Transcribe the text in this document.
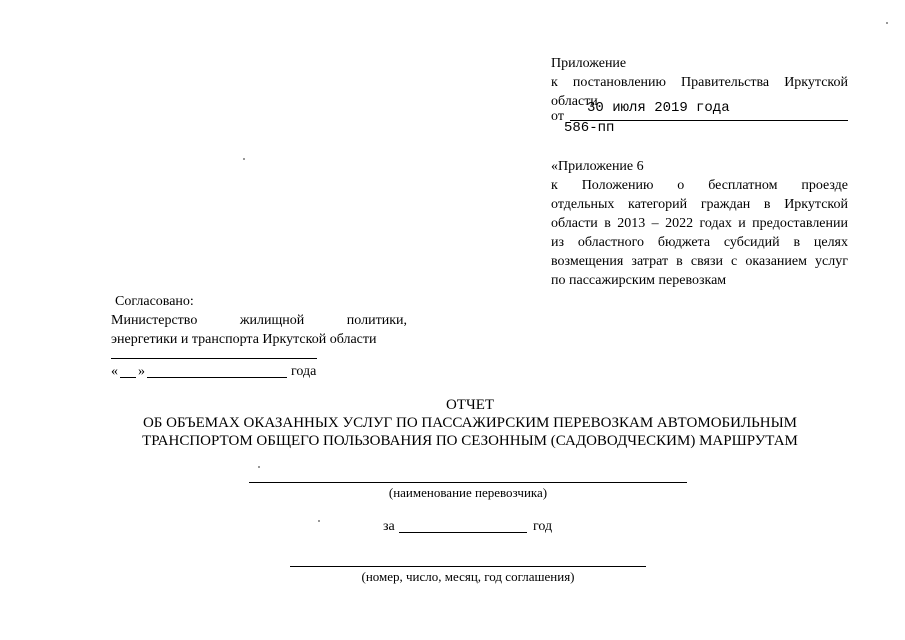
Приложение
к постановлению Правительства Иркутской
области
от
30 июля 2019 года
586-пп
«Приложение 6
к Положению о бесплатном проезде
отдельных категорий граждан в Иркутской
области в 2013 – 2022 годах и предоставлении
из областного бюджета субсидий в целях
возмещения затрат в связи с оказанием услуг
по пассажирским перевозкам
Согласовано:
Министерство жилищной политики,
энергетики и транспорта Иркутской области
« »	года
ОТЧЕТ
ОБ ОБЪЕМАХ ОКАЗАННЫХ УСЛУГ ПО ПАССАЖИРСКИМ ПЕРЕВОЗКАМ АВТОМОБИЛЬНЫМ
ТРАНСПОРТОМ ОБЩЕГО ПОЛЬЗОВАНИЯ ПО СЕЗОННЫМ (САДОВОДЧЕСКИМ) МАРШРУТАМ
(наименование перевозчика)
за	год
(номер, число, месяц, год соглашения)
